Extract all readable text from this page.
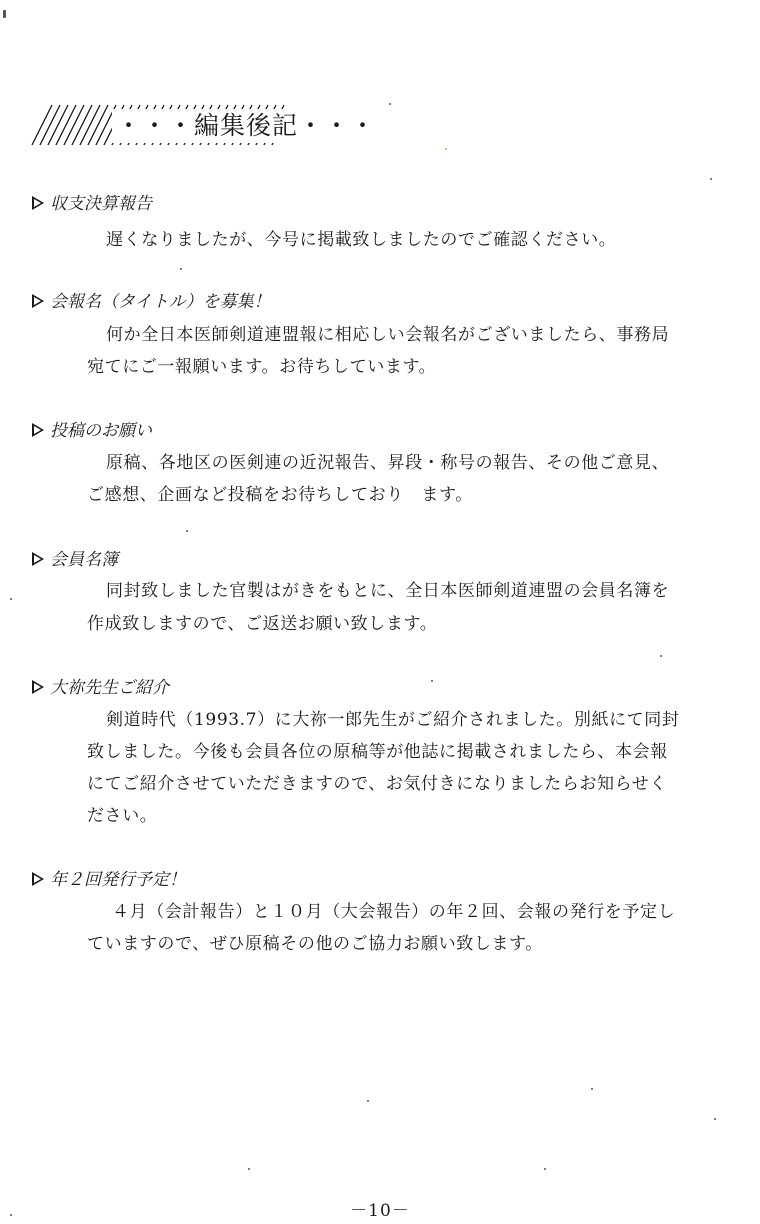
・・・編集後記・・・
収支決算報告
遅くなりましたが、今号に掲載致しましたのでご確認ください。
会報名（タイトル）を募集！
何か全日本医師剣道連盟報に相応しい会報名がございましたら、事務局
宛てにご一報願います。お待ちしています。
投稿のお願い
原稿、各地区の医剣連の近況報告、昇段・称号の報告、その他ご意見、
ご感想、企画など投稿をお待ちしており　ます。
会員名簿
同封致しました官製はがきをもとに、全日本医師剣道連盟の会員名簿を
作成致しますので、ご返送お願い致します。
大祢先生ご紹介
剣道時代（1993.7）に大祢一郎先生がご紹介されました。別紙にて同封
致しました。今後も会員各位の原稿等が他誌に掲載されましたら、本会報
にてご紹介させていただきますので、お気付きになりましたらお知らせく
ださい。
年２回発行予定！
４月（会計報告）と１０月（大会報告）の年２回、会報の発行を予定し
ていますので、ぜひ原稿その他のご協力お願い致します。
－10－
